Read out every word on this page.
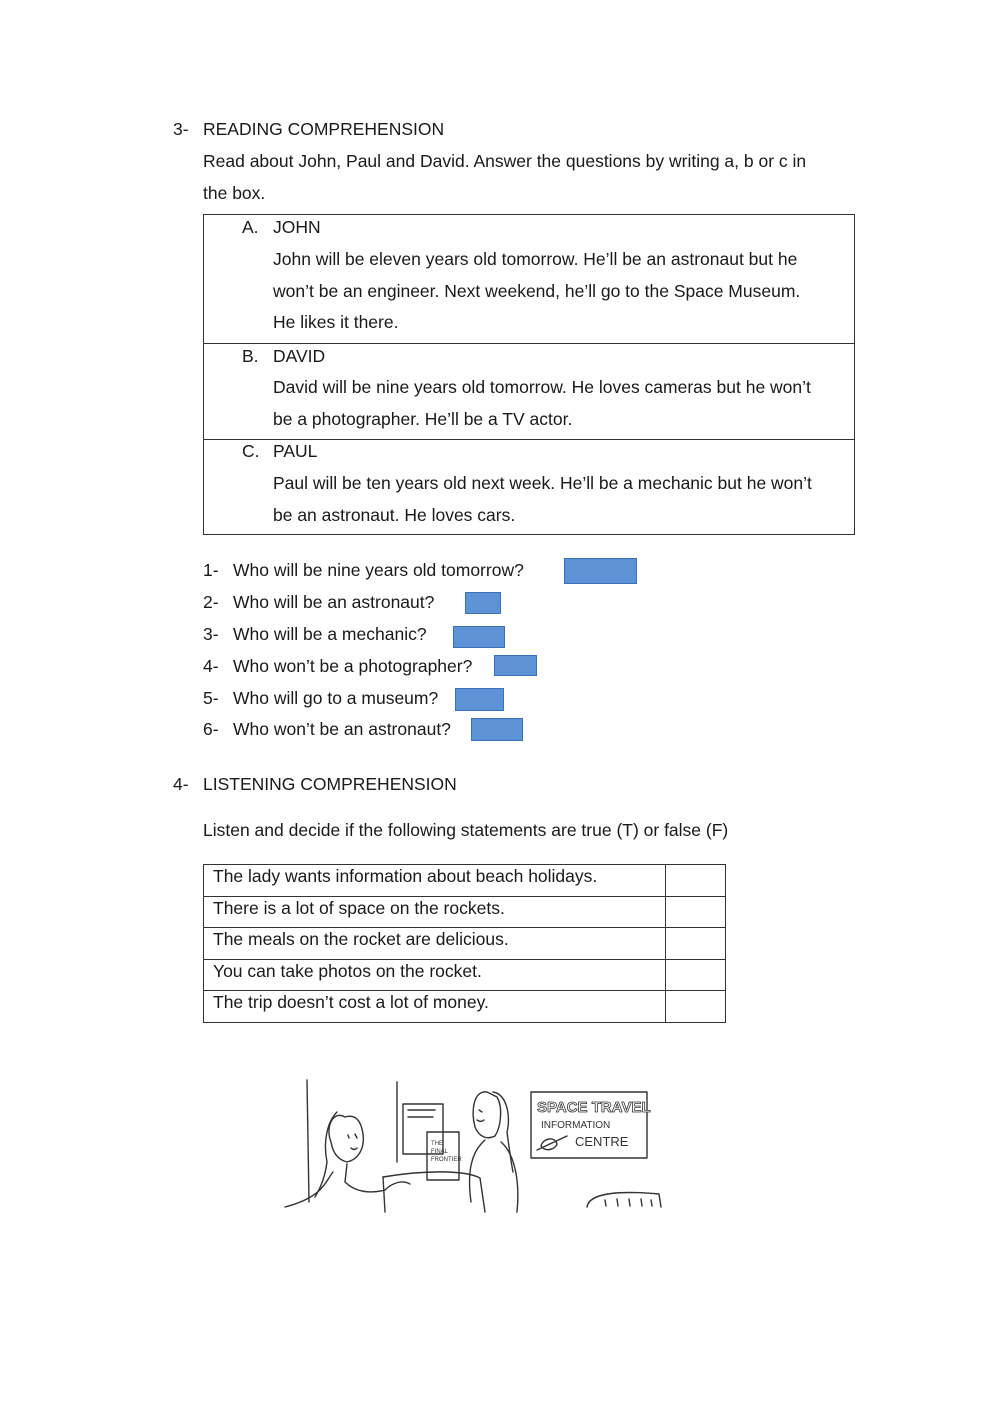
3- READING COMPREHENSION
Read about John, Paul and David. Answer the questions by writing a, b or c in
the box.
A. JOHN
John will be eleven years old tomorrow. He’ll be an astronaut but he
won’t be an engineer. Next weekend, he’ll go to the Space Museum.
He likes it there.
B. DAVID
David will be nine years old tomorrow. He loves cameras but he won’t
be a photographer. He’ll be a TV actor.
C. PAUL
Paul will be ten years old next week. He’ll be a mechanic but he won’t
be an astronaut. He loves cars.
1- Who will be nine years old tomorrow?
2- Who will be an astronaut?
3- Who will be a mechanic?
4- Who won’t be a photographer?
5- Who will go to a museum?
6- Who won’t be an astronaut?
4- LISTENING COMPREHENSION
Listen and decide if the following statements are true (T) or false (F)
The lady wants information about beach holidays.	
There is a lot of space on the rockets.	
The meals on the rocket are delicious.	
You can take photos on the rocket.	
The trip doesn’t cost a lot of money.	
THE
FINAL
FRONTIER
SPACE TRAVEL
INFORMATION
CENTRE
